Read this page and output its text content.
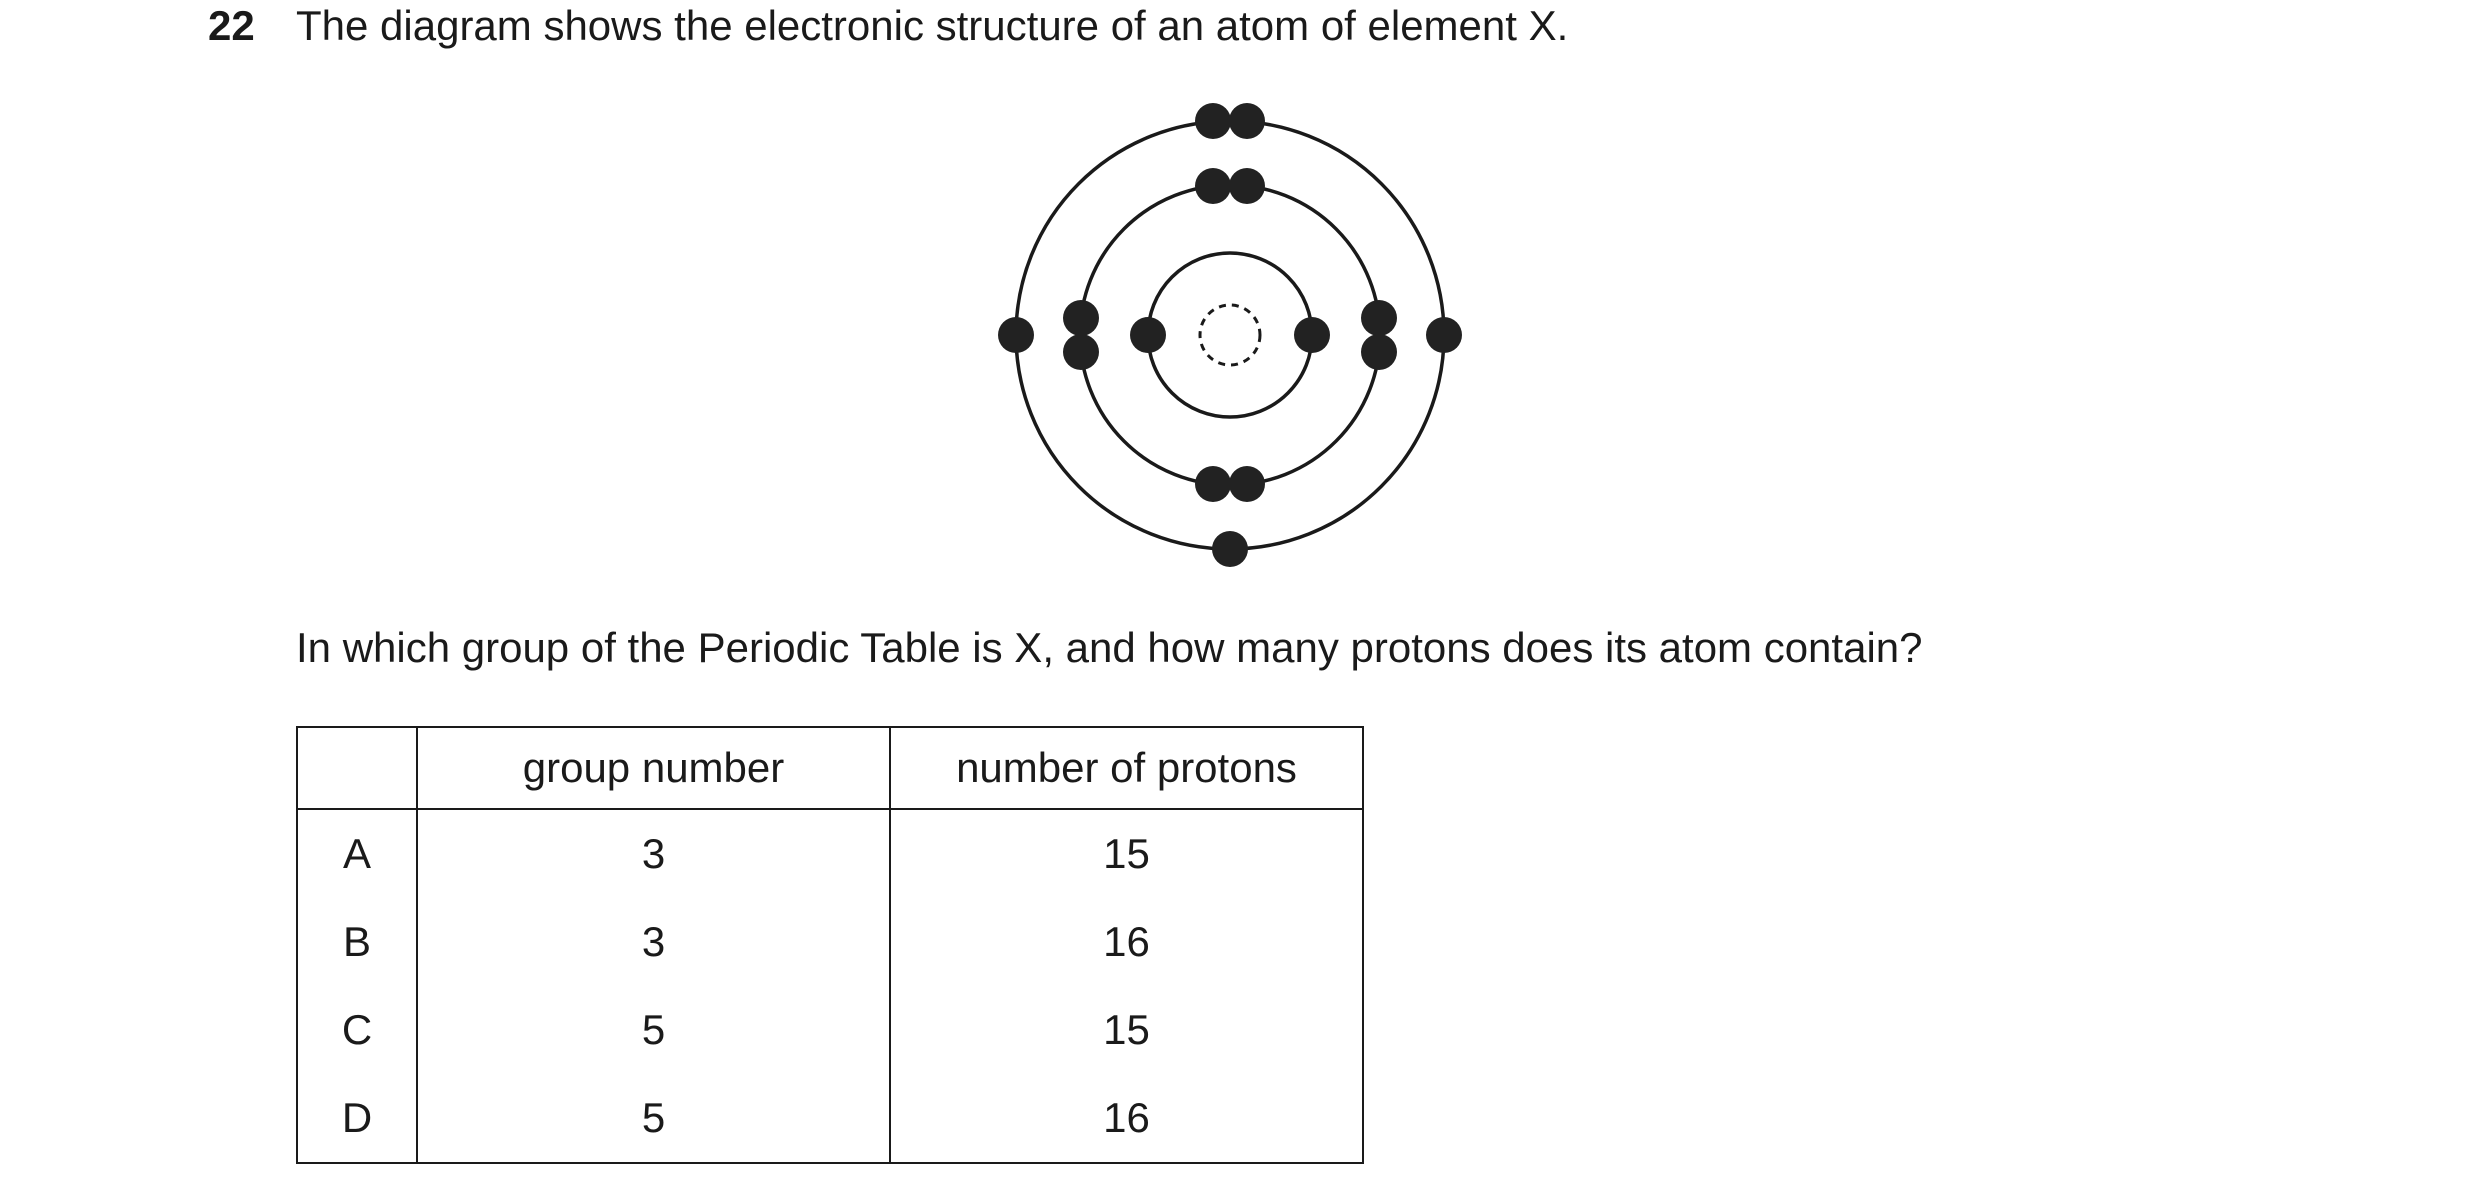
22 The diagram shows the electronic structure of an atom of element X.
In which group of the Periodic Table is X, and how many protons does its atom contain?
	group number	number of protons
A	3	15
B	3	16
C	5	15
D	5	16
